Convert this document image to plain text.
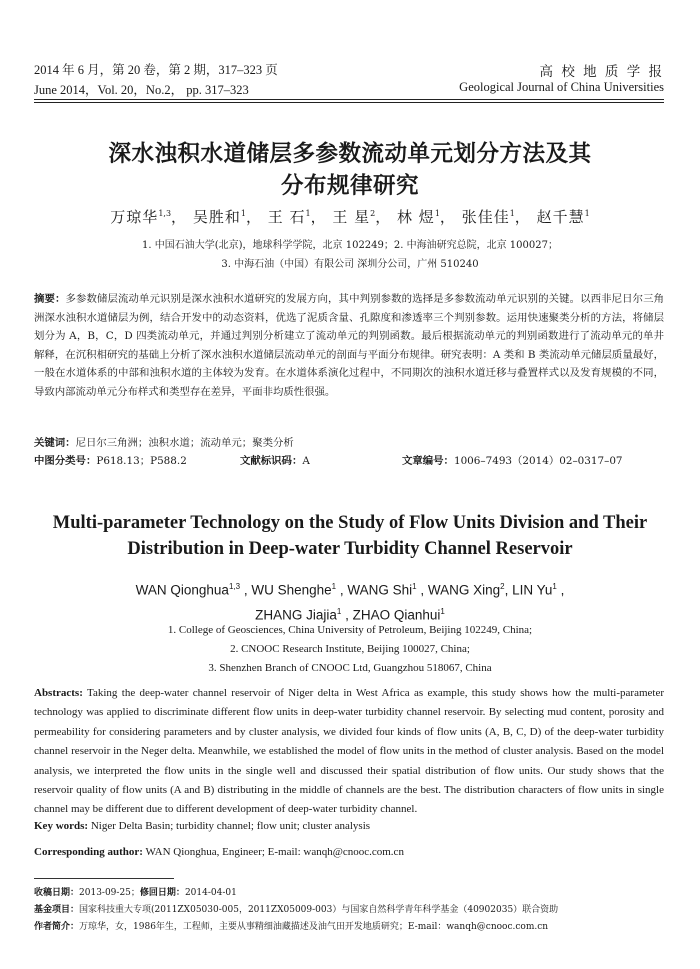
2014 年 6 月，第 20 卷，第 2 期，317–323 页
June 2014，Vol. 20，No.2， pp. 317–323
高 校 地 质 学 报
Geological Journal of China Universities
深水浊积水道储层多参数流动单元划分方法及其
分布规律研究
万琼华$^{1,3}$， 吴胜和$^1$， 王 石$^1$， 王 星$^2$， 林 煜$^1$， 张佳佳$^1$， 赵千慧$^1$
1. 中国石油大学(北京)，地球科学学院，北京 102249；2. 中海油研究总院，北京 100027；
3. 中海石油（中国）有限公司 深圳分公司，广州 510240
摘要：多参数储层流动单元识别是深水浊积水道研究的发展方向，其中判别参数的选择是多参数流动单元识别的关键。以西非尼日尔三角洲深水浊积水道储层为例，结合开发中的动态资料，优选了泥质含量、孔隙度和渗透率三个判别参数。运用快速聚类分析的方法，将储层划分为 A，B，C，D 四类流动单元，并通过判别分析建立了流动单元的判别函数。最后根据流动单元的判别函数进行了流动单元的单井解释，在沉积相研究的基础上分析了深水浊积水道储层流动单元的剖面与平面分布规律。研究表明：A 类和 B 类流动单元储层质量最好，一般在水道体系的中部和浊积水道的主体较为发育。在水道体系演化过程中，不同期次的浊积水道迁移与叠置样式以及发育规模的不同，导致内部流动单元分布样式和类型存在差异，平面非均质性很强。
关键词：尼日尔三角洲；浊积水道；流动单元；聚类分析
中图分类号：P618.13；P588.2	文献标识码：A	文章编号：1006–7493（2014）02–0317–07
Multi-parameter Technology on the Study of Flow Units Division and Their
Distribution in Deep-water Turbidity Channel Reservoir
WAN Qionghua$^{1,3}$ , WU Shenghe$^1$ , WANG Shi$^1$ , WANG Xing$^2$, LIN Yu$^1$ ,
ZHANG Jiajia$^1$ , ZHAO Qianhui$^1$
1. College of Geosciences, China University of Petroleum, Beijing 102249, China;
2. CNOOC Research Institute, Beijing 100027, China;
3. Shenzhen Branch of CNOOC Ltd, Guangzhou 518067, China
Abstracts: Taking the deep-water channel reservoir of Niger delta in West Africa as example, this study shows how the multi-parameter technology was applied to discriminate different flow units in deep-water turbidity channel reservoir. By selecting mud content, porosity and permeability for considering parameters and by cluster analysis, we divided four kinds of flow units (A, B, C, D) of the deep-water turbidity channel reservoir in the Neger delta. Meanwhile, we established the model of flow units in the method of cluster analysis. Based on the model analysis, we interpreted the flow units in the single well and discussed their spatial distribution of flow units. Our study shows that the reservoir quality of flow units (A and B) distributing in the middle of channels are the best. The distribution characters of flow units in single channel may be different due to different development of deep-water turbidity channel.
Key words: Niger Delta Basin; turbidity channel; flow unit; cluster analysis
Corresponding author: WAN Qionghua, Engineer; E-mail: wanqh@cnooc.com.cn
收稿日期：2013-09-25；修回日期：2014-04-01
基金项目：国家科技重大专项(2011ZX05030-005，2011ZX05009-003）与国家自然科学青年科学基金（40902035）联合资助
作者简介：万琼华，女，1986年生，工程师，主要从事精细油藏描述及油气田开发地质研究；E-mail：wanqh@cnooc.com.cn
